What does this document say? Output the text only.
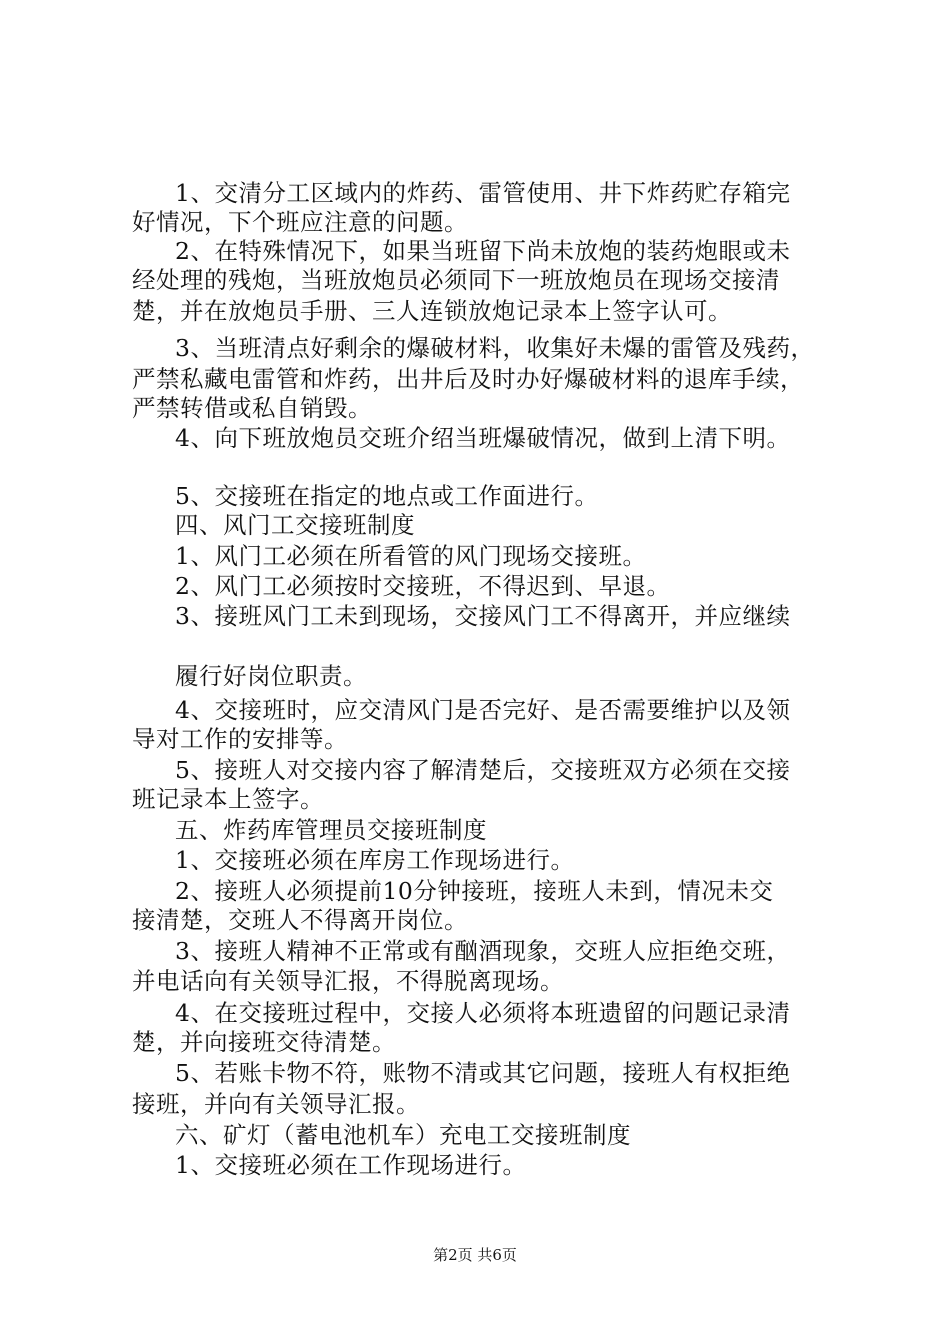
1、交清分工区域内的炸药、雷管使用、井下炸药贮存箱完
好情况，下个班应注意的问题。
2、在特殊情况下，如果当班留下尚未放炮的装药炮眼或未
经处理的残炮，当班放炮员必须同下一班放炮员在现场交接清
楚，并在放炮员手册、三人连锁放炮记录本上签字认可。
3、当班清点好剩余的爆破材料，收集好未爆的雷管及残药，
严禁私藏电雷管和炸药，出井后及时办好爆破材料的退库手续，
严禁转借或私自销毁。
4、向下班放炮员交班介绍当班爆破情况，做到上清下明。
5、交接班在指定的地点或工作面进行。
四、风门工交接班制度
1、风门工必须在所看管的风门现场交接班。
2、风门工必须按时交接班，不得迟到、早退。
3、接班风门工未到现场，交接风门工不得离开，并应继续
履行好岗位职责。
4、交接班时，应交清风门是否完好、是否需要维护以及领
导对工作的安排等。
5、接班人对交接内容了解清楚后，交接班双方必须在交接
班记录本上签字。
五、炸药库管理员交接班制度
1、交接班必须在库房工作现场进行。
2、接班人必须提前10分钟接班，接班人未到，情况未交
接清楚，交班人不得离开岗位。
3、接班人精神不正常或有酗酒现象，交班人应拒绝交班，
并电话向有关领导汇报，不得脱离现场。
4、在交接班过程中，交接人必须将本班遗留的问题记录清
楚，并向接班交待清楚。
5、若账卡物不符，账物不清或其它问题，接班人有权拒绝
接班，并向有关领导汇报。
六、矿灯（蓄电池机车）充电工交接班制度
1、交接班必须在工作现场进行。
第2页 共6页
